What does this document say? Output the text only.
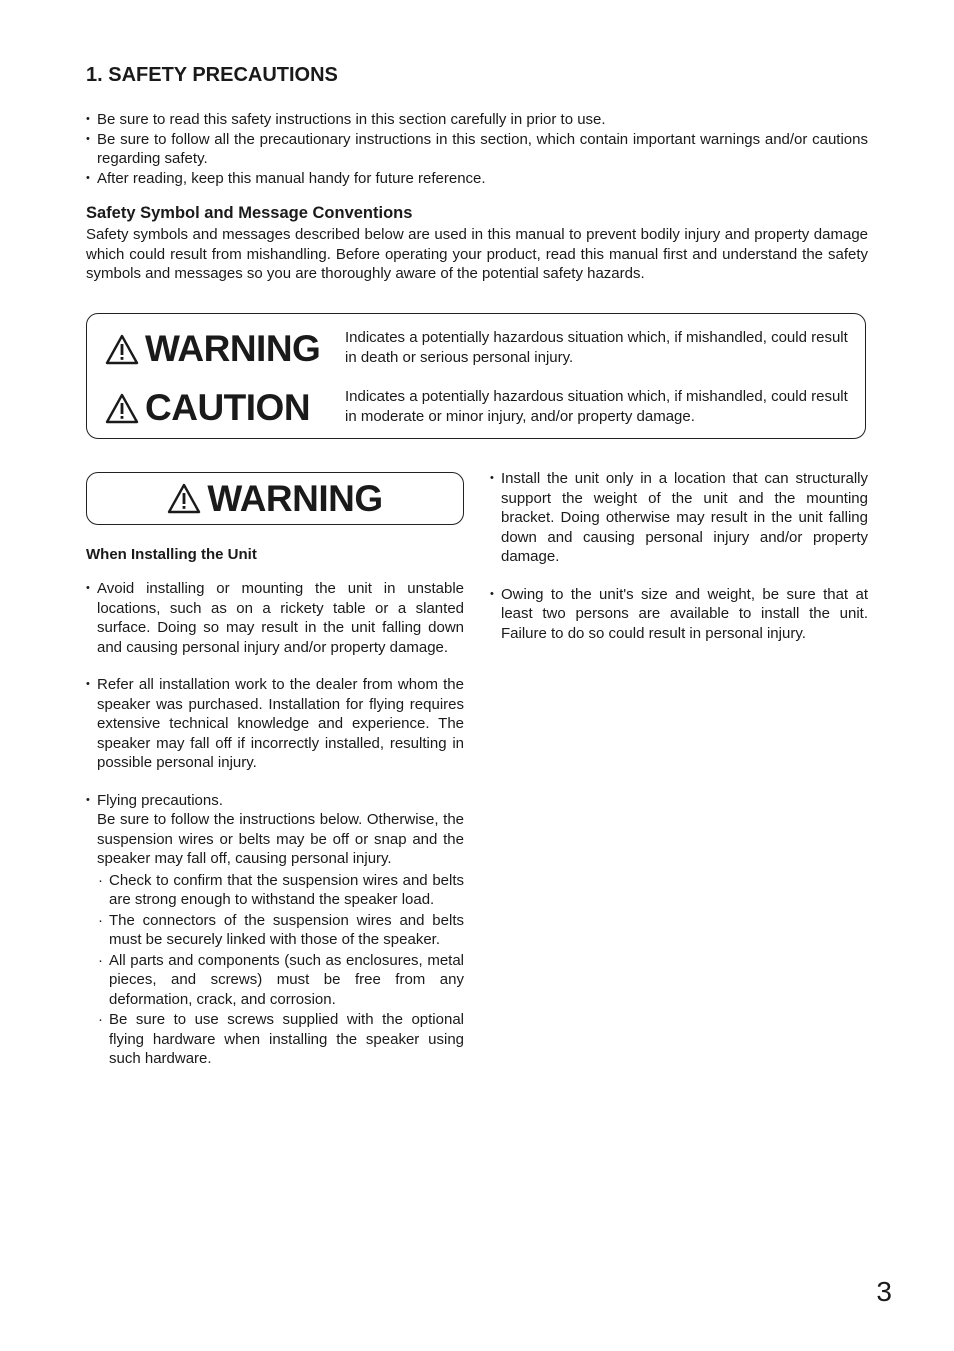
1. SAFETY PRECAUTIONS
• Be sure to read this safety instructions in this section carefully in prior to use.
• Be sure to follow all the precautionary instructions in this section, which contain important warnings and/or cautions regarding safety.
• After reading, keep this manual handy for future reference.
Safety Symbol and Message Conventions

Safety symbols and messages described below are used in this manual to prevent bodily injury and property damage which could result from mishandling. Before operating your product, read this manual first and understand the safety symbols and messages so you are thoroughly aware of the potential safety hazards.

WARNING Indicates a potentially hazardous situation which, if mishandled, could result in death or serious personal injury.
CAUTION Indicates a potentially hazardous situation which, if mishandled, could result in moderate or minor injury, and/or property damage.
WARNING
When Installing the Unit
• Avoid installing or mounting the unit in unstable locations, such as on a rickety table or a slanted surface. Doing so may result in the unit falling down and causing personal injury and/or property damage.
• Refer all installation work to the dealer from whom the speaker was purchased. Installation for flying requires extensive technical knowledge and experience. The speaker may fall off if incorrectly installed, resulting in possible personal injury.
• Flying precautions.
Be sure to follow the instructions below. Otherwise, the suspension wires or belts may be off or snap and the speaker may fall off, causing personal injury.
· Check to confirm that the suspension wires and belts are strong enough to withstand the speaker load.
· The connectors of the suspension wires and belts must be securely linked with those of the speaker.
· All parts and components (such as enclosures, metal pieces, and screws) must be free from any deformation, crack, and corrosion.
· Be sure to use screws supplied with the optional flying hardware when installing the speaker using such hardware.
• Install the unit only in a location that can structurally support the weight of the unit and the mounting bracket. Doing otherwise may result in the unit falling down and causing personal injury and/or property damage.
• Owing to the unit's size and weight, be sure that at least two persons are available to install the unit. Failure to do so could result in personal injury.
3
